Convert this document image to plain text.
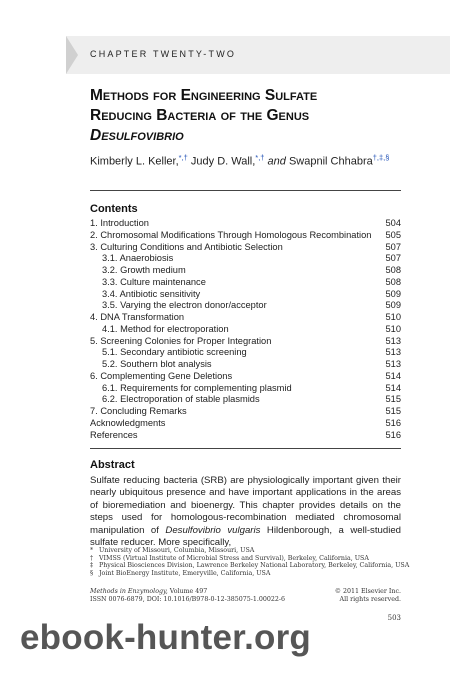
CHAPTER TWENTY-TWO
Methods for Engineering Sulfate
Reducing Bacteria of the Genus
Desulfovibrio
Kimberly L. Keller,*,† Judy D. Wall,*,† and Swapnil Chhabra†,‡,§
Contents
1. Introduction	504
2. Chromosomal Modifications Through Homologous Recombination 505
3. Culturing Conditions and Antibiotic Selection	507
3.1. Anaerobiosis	507
3.2. Growth medium	508
3.3. Culture maintenance	508
3.4. Antibiotic sensitivity	509
3.5. Varying the electron donor/acceptor	509
4. DNA Transformation	510
4.1. Method for electroporation	510
5. Screening Colonies for Proper Integration	513
5.1. Secondary antibiotic screening	513
5.2. Southern blot analysis	513
6. Complementing Gene Deletions	514
6.1. Requirements for complementing plasmid	514
6.2. Electroporation of stable plasmids	515
7. Concluding Remarks	515
Acknowledgments	516
References	516
Abstract
Sulfate reducing bacteria (SRB) are physiologically important given their nearly ubiquitous presence and have important applications in the areas of bioremediation and bioenergy. This chapter provides details on the steps used for homologous-recombination mediated chromosomal manipulation of Desulfovibrio vulgaris Hildenborough, a well-studied sulfate reducer. More specifically,
* University of Missouri, Columbia, Missouri, USA
† VIMSS (Virtual Institute of Microbial Stress and Survival), Berkeley, California, USA
‡ Physical Biosciences Division, Lawrence Berkeley National Laboratory, Berkeley, California, USA
§ Joint BioEnergy Institute, Emeryville, California, USA
Methods in Enzymology, Volume 497
ISSN 0076-6879, DOI: 10.1016/B978-0-12-385075-1.00022-6
© 2011 Elsevier Inc.
All rights reserved.
503
ebook-hunter.org
